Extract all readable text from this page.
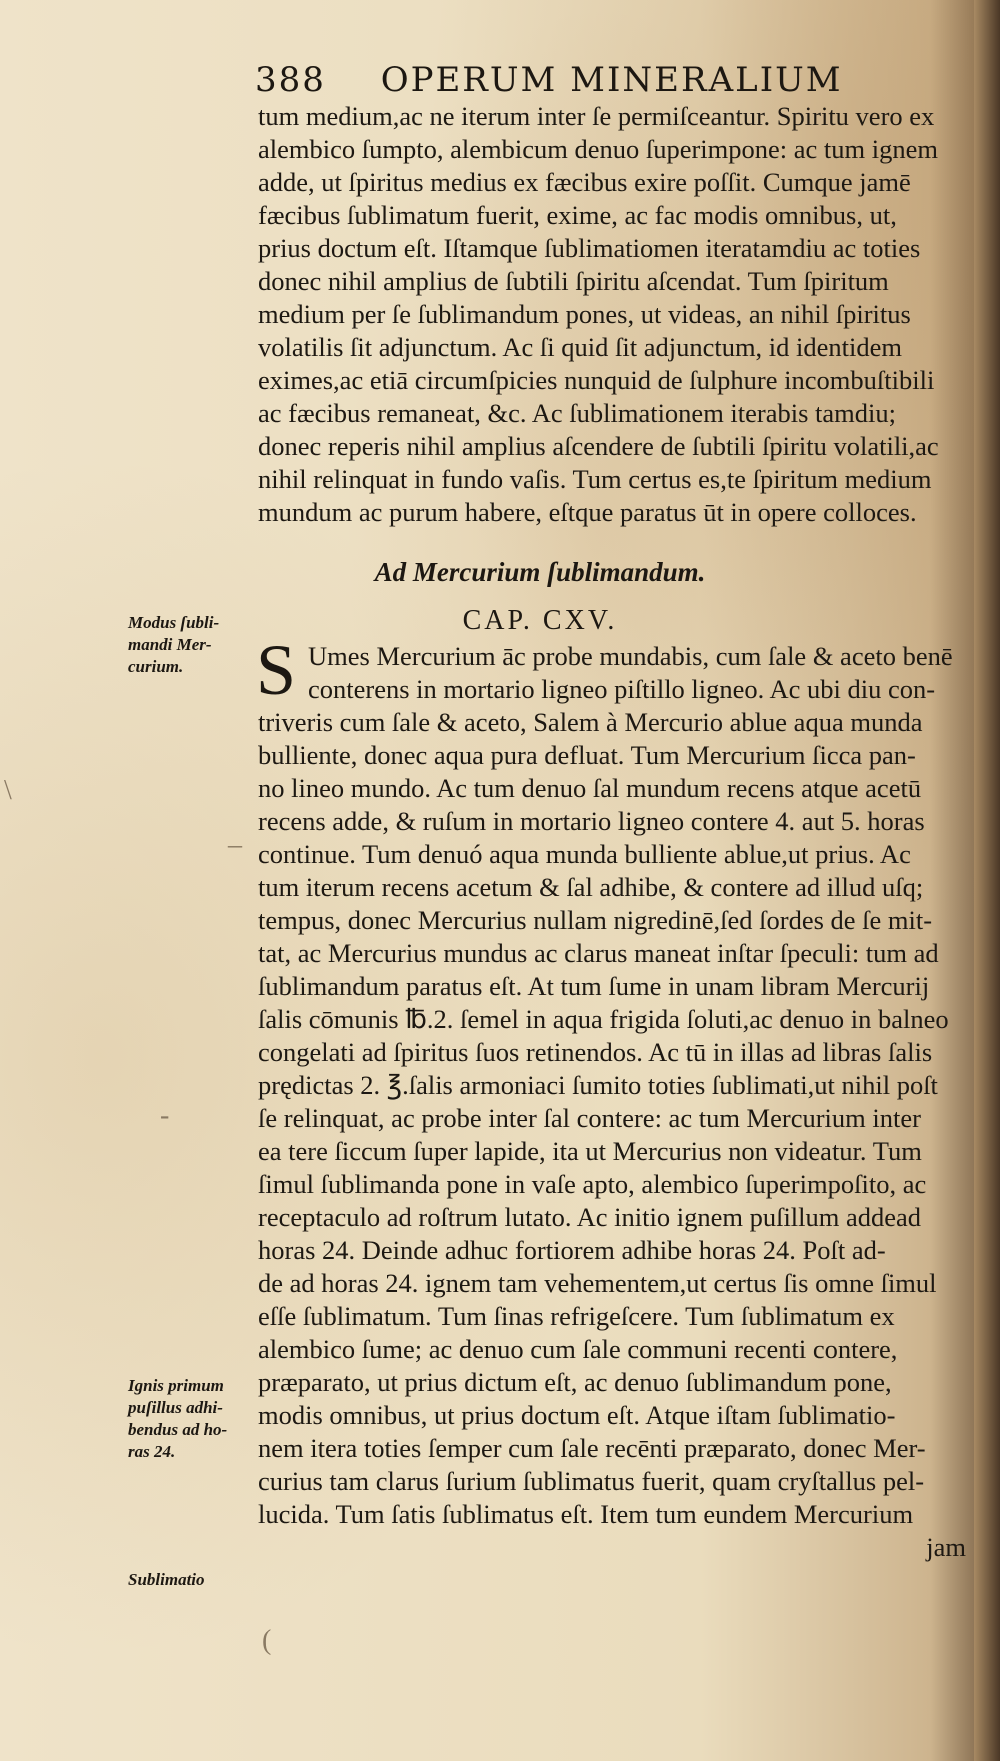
388 OPERUM MINERALIUM
tum medium,ac ne iterum inter ſe permiſceantur. Spiritu vero ex
alembico ſumpto, alembicum denuo ſuperimpone: ac tum ignem
adde, ut ſpiritus medius ex fæcibus exire poſſit. Cumque jamē
fæcibus ſublimatum fuerit, exime, ac fac modis omnibus, ut,
prius doctum eſt. Iſtamque ſublimatiomen iteratamdiu ac toties
donec nihil amplius de ſubtili ſpiritu aſcendat. Tum ſpiritum
medium per ſe ſublimandum pones, ut videas, an nihil ſpiritus
volatilis ſit adjunctum. Ac ſi quid ſit adjunctum, id identidem
eximes,ac etiā circumſpicies nunquid de ſulphure incombuſtibili
ac fæcibus remaneat, &c. Ac ſublimationem iterabis tamdiu;
donec reperis nihil amplius aſcendere de ſubtili ſpiritu volatili,ac
nihil relinquat in fundo vaſis. Tum certus es,te ſpiritum medium
mundum ac purum habere, eſtque paratus ūt in opere colloces.
Ad Mercurium ſublimandum.
CAP. CXV.
S Umes Mercurium āc probe mundabis, cum ſale & aceto benē
conterens in mortario ligneo piſtillo ligneo. Ac ubi diu con-
triveris cum ſale & aceto, Salem à Mercurio ablue aqua munda
bulliente, donec aqua pura defluat. Tum Mercurium ſicca pan-
no lineo mundo. Ac tum denuo ſal mundum recens atque acetū
recens adde, & ruſum in mortario ligneo contere 4. aut 5. horas
continue. Tum denuó aqua munda bulliente ablue,ut prius. Ac
tum iterum recens acetum & ſal adhibe, & contere ad illud uſq;
tempus, donec Mercurius nullam nigredinē,ſed ſordes de ſe mit-
tat, ac Mercurius mundus ac clarus maneat inſtar ſpeculi: tum ad
ſublimandum paratus eſt. At tum ſume in unam libram Mercurij
ſalis cōmunis ℔.2. ſemel in aqua frigida ſoluti,ac denuo in balneo
congelati ad ſpiritus ſuos retinendos. Ac tū in illas ad libras ſalis
prędictas 2. ℥.ſalis armoniaci ſumito toties ſublimati,ut nihil poſt
ſe relinquat, ac probe inter ſal contere: ac tum Mercurium inter
ea tere ſiccum ſuper lapide, ita ut Mercurius non videatur. Tum
ſimul ſublimanda pone in vaſe apto, alembico ſuperimpoſito, ac
receptaculo ad roſtrum lutato. Ac initio ignem puſillum addead
horas 24. Deinde adhuc fortiorem adhibe horas 24. Poſt ad-
de ad horas 24. ignem tam vehementem,ut certus ſis omne ſimul
eſſe ſublimatum. Tum ſinas refrigeſcere. Tum ſublimatum ex
alembico ſume; ac denuo cum ſale communi recenti contere,
præparato, ut prius dictum eſt, ac denuo ſublimandum pone,
modis omnibus, ut prius doctum eſt. Atque iſtam ſublimatio-
nem itera toties ſemper cum ſale recēnti præparato, donec Mer-
curius tam clarus ſurium ſublimatus fuerit, quam cryſtallus pel-
lucida. Tum ſatis ſublimatus eſt. Item tum eundem Mercurium
jam
Modus ſubli-
mandi Mer-
curium.
Ignis primum
puſillus adhi-
bendus ad ho-
ras 24.
Sublimatio
\
_
-
(
